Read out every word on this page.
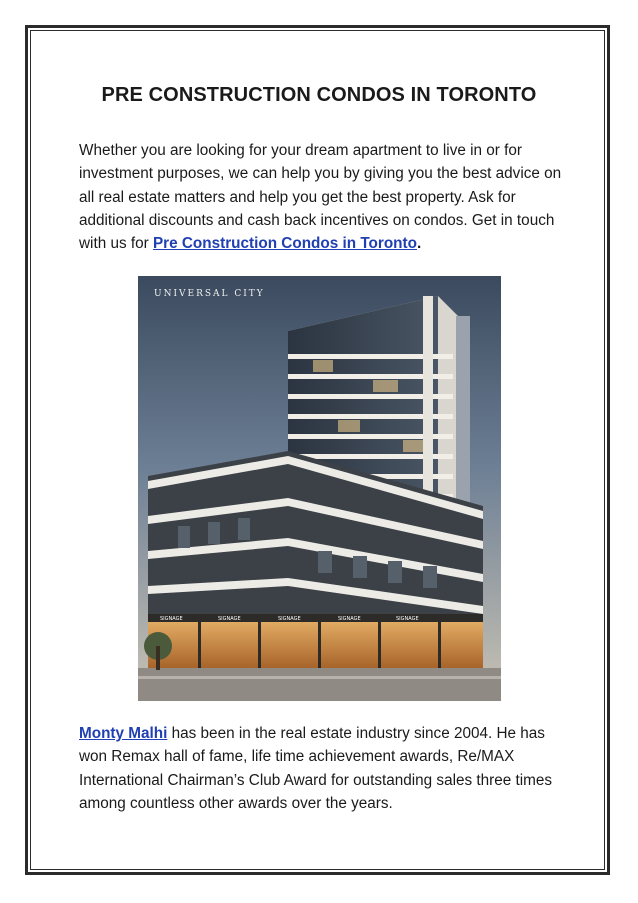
PRE CONSTRUCTION CONDOS IN TORONTO

Whether you are looking for your dream apartment to live in or for investment purposes, we can help you by giving you the best advice on all real estate matters and help you get the best property. Ask for additional discounts and cash back incentives on condos. Get in touch with us for Pre Construction Condos in Toronto.

UNIVERSAL CITY
SIGNAGE	SIGNAGE	SIGNAGE	SIGNAGE	SIGNAGE

Monty Malhi has been in the real estate industry since 2004. He has won Remax hall of fame, life time achievement awards, Re/MAX International Chairman’s Club Award for outstanding sales three times among countless other awards over the years.
